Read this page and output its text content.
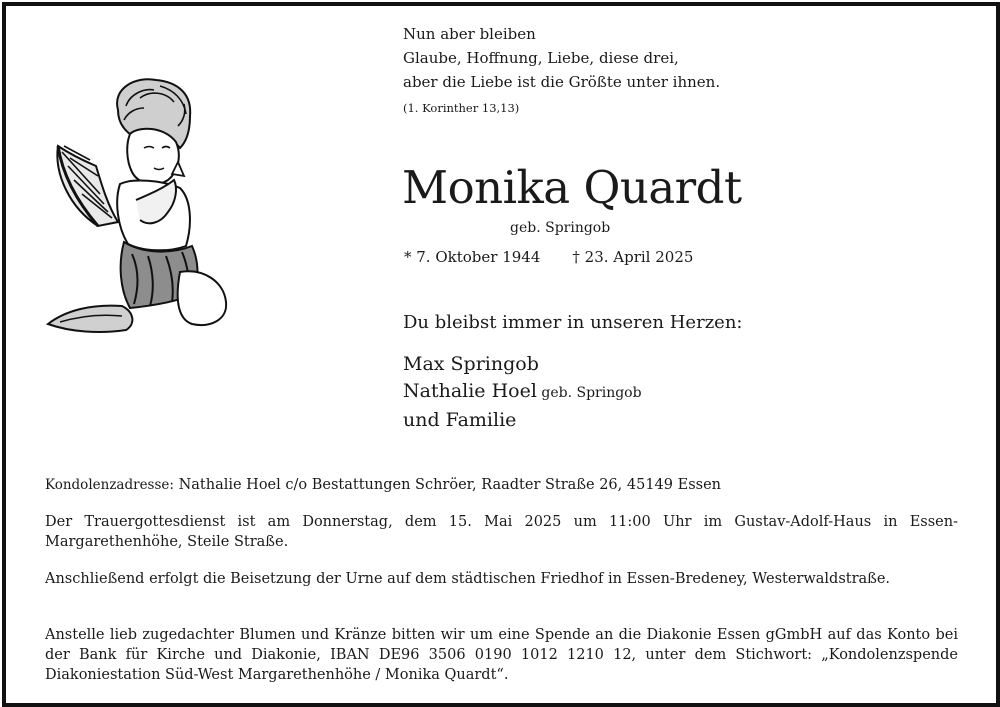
Nun aber bleiben
Glaube, Hoffnung, Liebe, diese drei,
aber die Liebe ist die Größte unter ihnen.
(1. Korinther 13,13)
Monika Quardt
geb. Springob
* 7. Oktober 1944 † 23. April 2025
Du bleibst immer in unseren Herzen:
Max Springob
Nathalie Hoel geb. Springob
und Familie
Kondolenzadresse: Nathalie Hoel c/o Bestattungen Schröer, Raadter Straße 26, 45149 Essen
Der Trauergottesdienst ist am Donnerstag, dem 15. Mai 2025 um 11:00 Uhr im Gustav-Adolf-Haus in Essen-Margarethenhöhe, Steile Straße.
Anschließend erfolgt die Beisetzung der Urne auf dem städtischen Friedhof in Essen-Bredeney, Westerwaldstraße.
Anstelle lieb zugedachter Blumen und Kränze bitten wir um eine Spende an die Diakonie Essen gGmbH auf das Konto bei der Bank für Kirche und Diakonie, IBAN DE96 3506 0190 1012 1210 12, unter dem Stichwort: „Kondolenzspende Diakoniestation Süd-West Margarethenhöhe / Monika Quardt“.
